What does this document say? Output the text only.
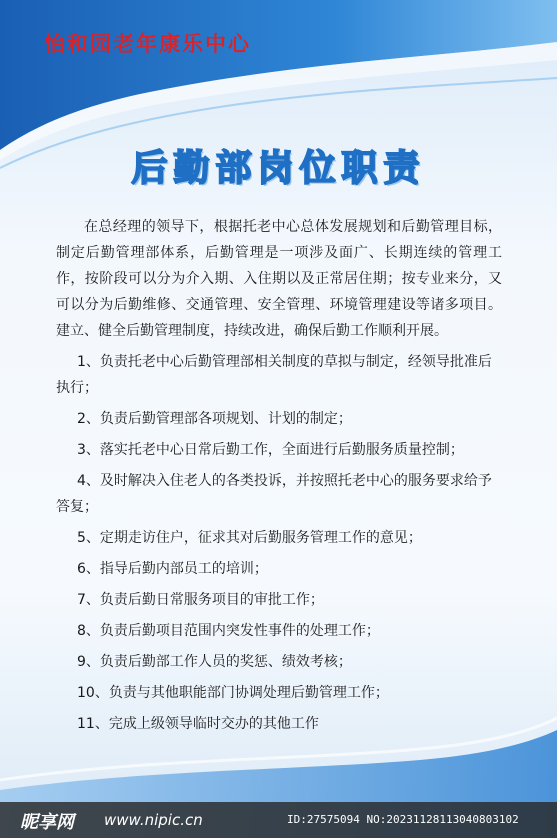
怡和园老年康乐中心
后勤部岗位职责

在总经理的领导下，根据托老中心总体发展规划和后勤管理目标，制定后勤管理部体系，后勤管理是一项涉及面广、长期连续的管理工作，按阶段可以分为介入期、入住期以及正常居住期；按专业来分，又可以分为后勤维修、交通管理、安全管理、环境管理建设等诸多项目。建立、健全后勤管理制度，持续改进，确保后勤工作顺利开展。

1、负责托老中心后勤管理部相关制度的草拟与制定，经领导批准后执行；

2、负责后勤管理部各项规划、计划的制定；

3、落实托老中心日常后勤工作，全面进行后勤服务质量控制；

4、及时解决入住老人的各类投诉，并按照托老中心的服务要求给予答复；

5、定期走访住户，征求其对后勤服务管理工作的意见；

6、指导后勤内部员工的培训；

7、负责后勤日常服务项目的审批工作；

8、负责后勤项目范围内突发性事件的处理工作；

9、负责后勤部工作人员的奖惩、绩效考核；

10、负责与其他职能部门协调处理后勤管理工作；

11、完成上级领导临时交办的其他工作

昵享网 www.nipic.cn	ID:27575094 NO:20231128113040803102
